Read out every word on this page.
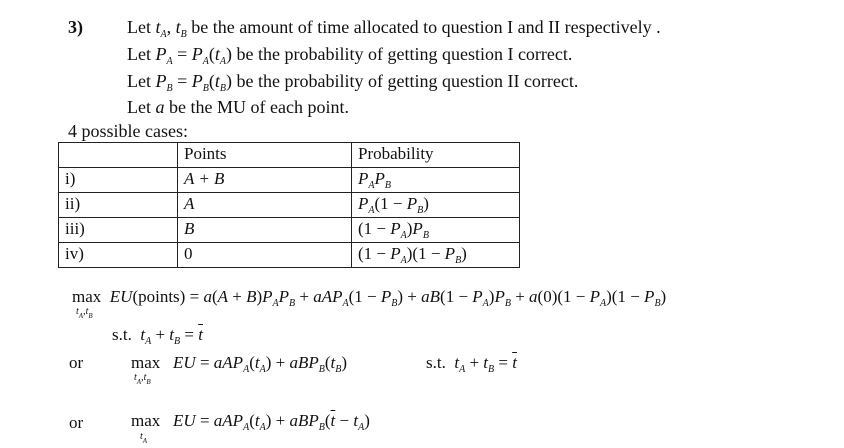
3) Let $t_A$, $t_B$ be the amount of time allocated to question I and II respectively .
Let $P_A = P_A(t_A)$ be the probability of getting question I correct.
Let $P_B = P_B(t_B)$ be the probability of getting question II correct.
Let a be the MU of each point.
4 possible cases:
	Points	Probability
i)	A + B	$P_AP_B$
ii)	A	$P_A(1 - P_B)$
iii)	B	$(1 - P_A)P_B$
iv)	0	$(1 - P_A)(1 - P_B)$
max EU(points) = $a(A + B)P_AP_B + aAP_A(1 - P_B) + aB(1 - P_A)P_B + a(0)(1 - P_A)(1 - P_B)$
$t_A,t_B$
s.t. $t_A + t_B = \overline{t}$
or	max EU = $aAP_A(t_A) + aBP_B(t_B)$
$t_A,t_B$
s.t. $t_A + t_B = \overline{t}$
or	max EU = $aAP_A(t_A) + aBP_B(\overline{t} - t_A)$
$t_A$
